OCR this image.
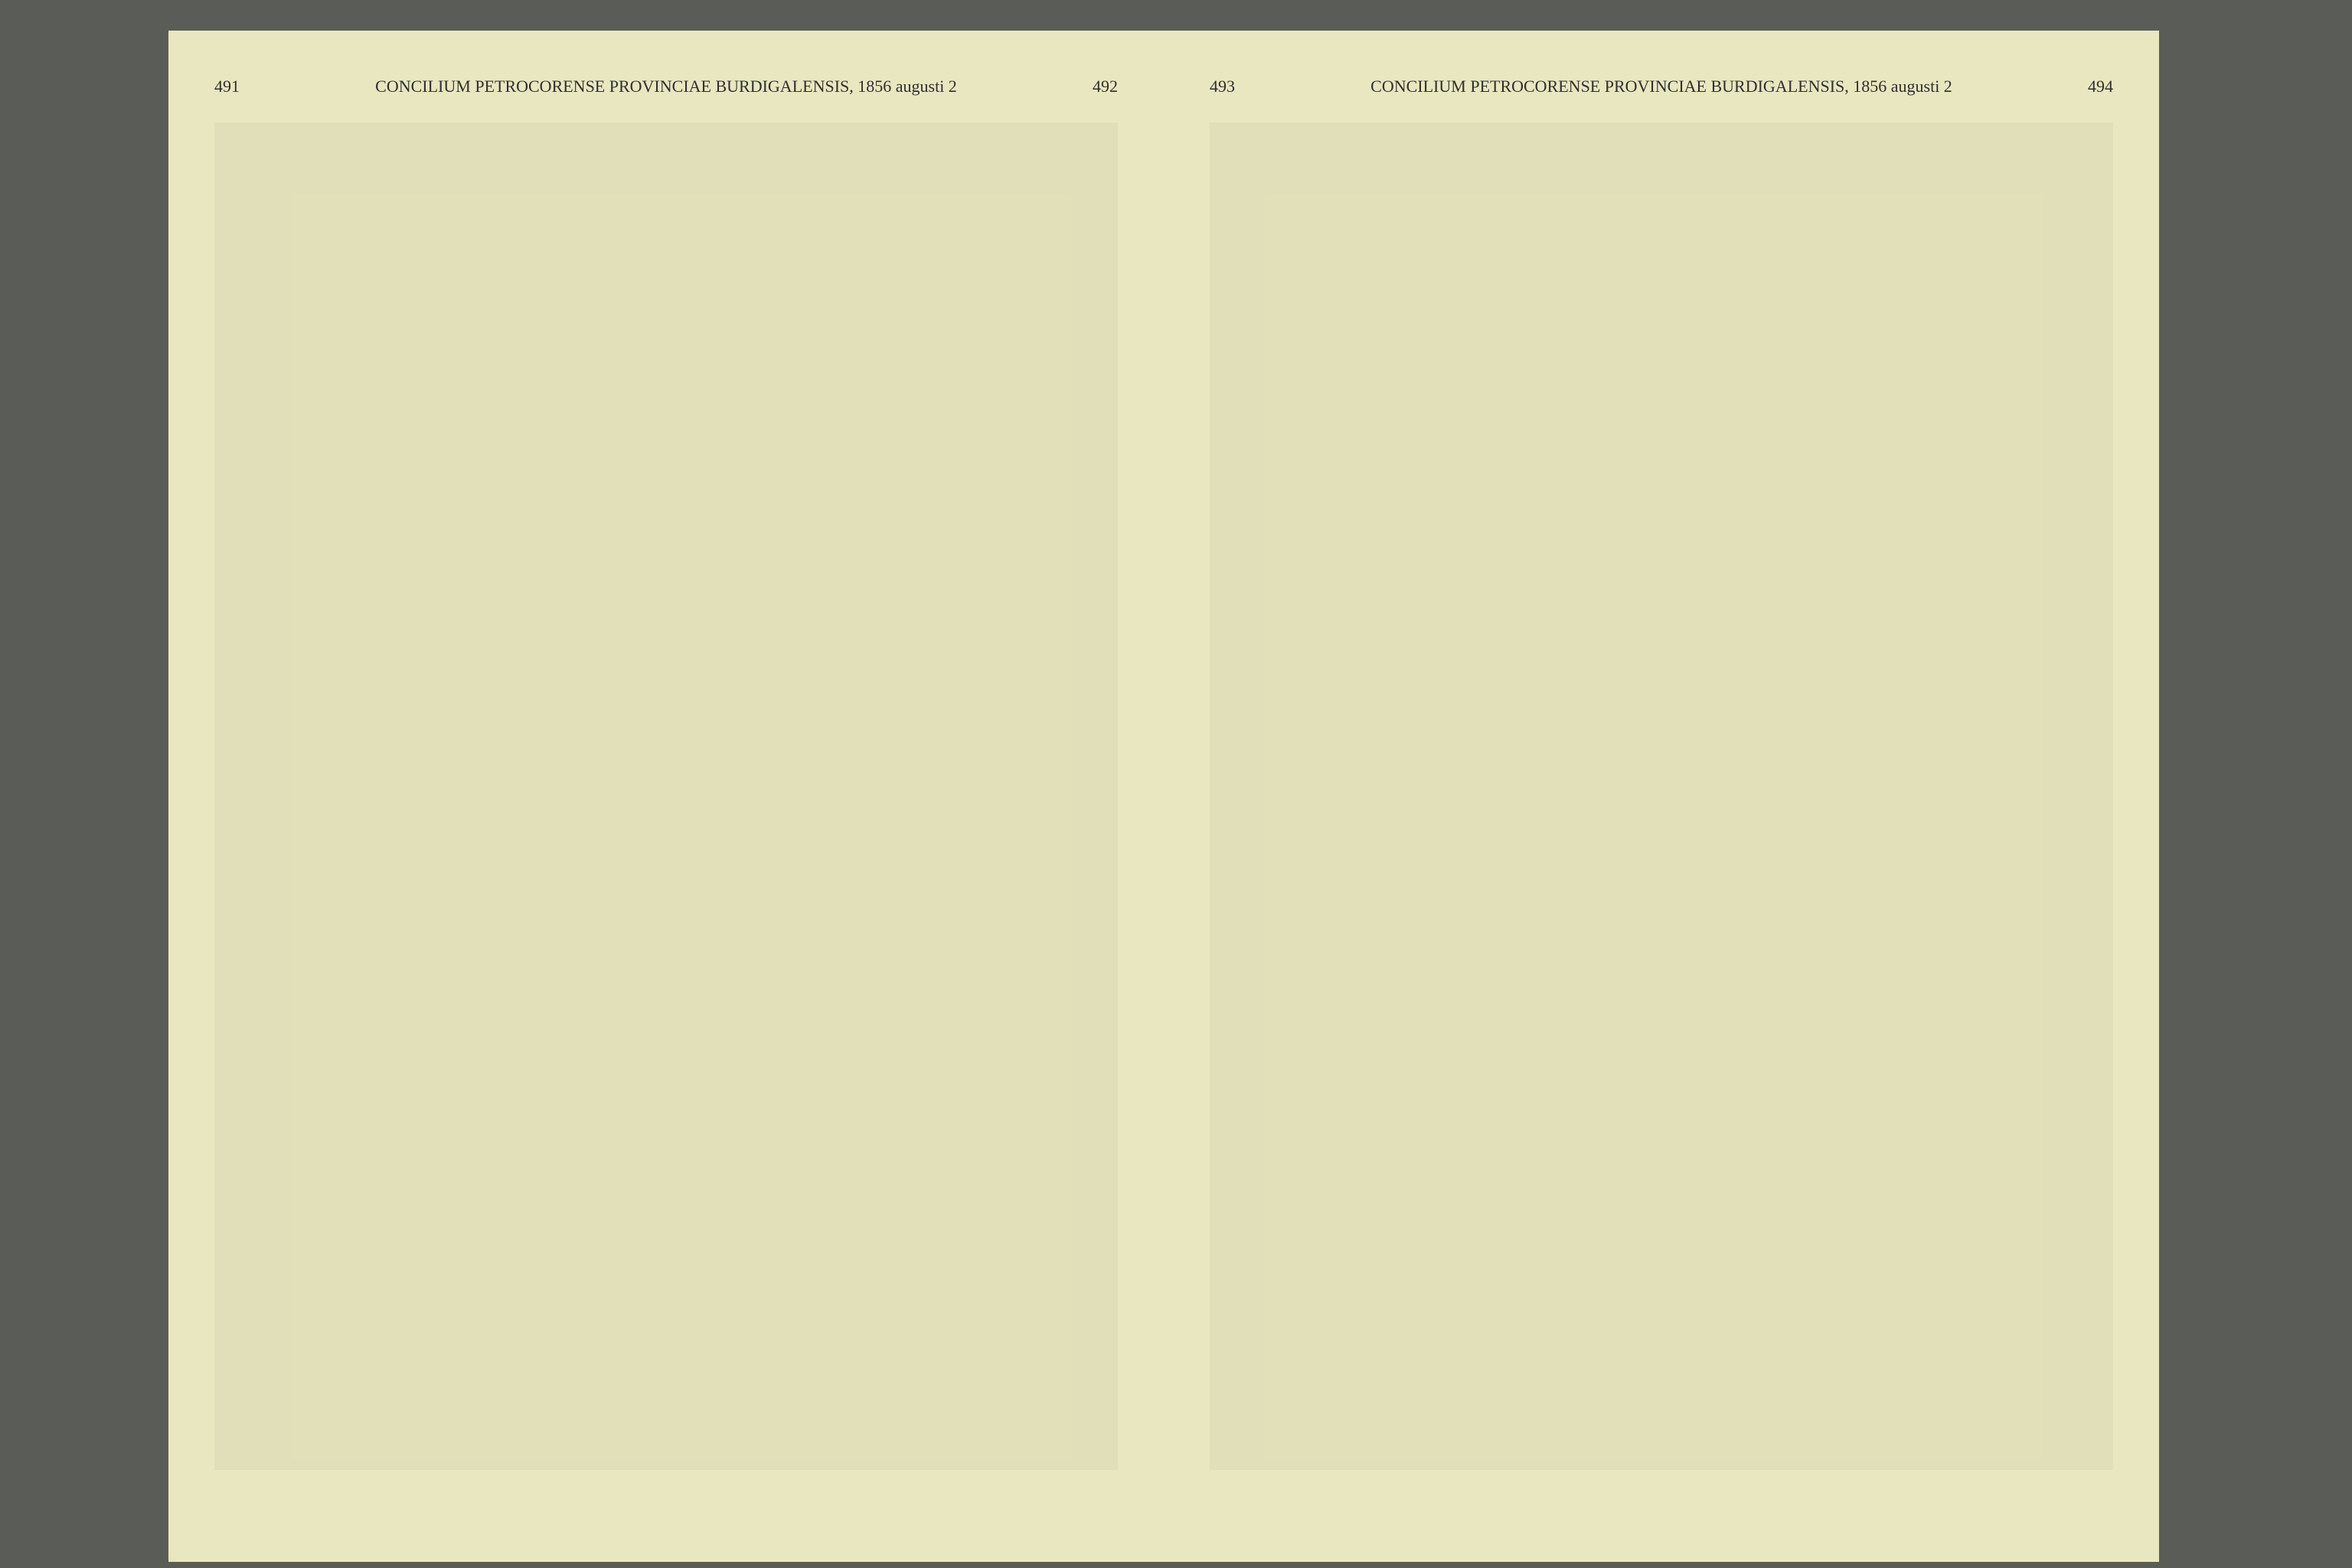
491	CONCILIUM PETROCORENSE PROVINCIAE BURDIGALENSIS, 1856 augusti 2	492	493	CONCILIUM PETROCORENSE PROVINCIAE BURDIGALENSIS, 1856 augusti 2	494
